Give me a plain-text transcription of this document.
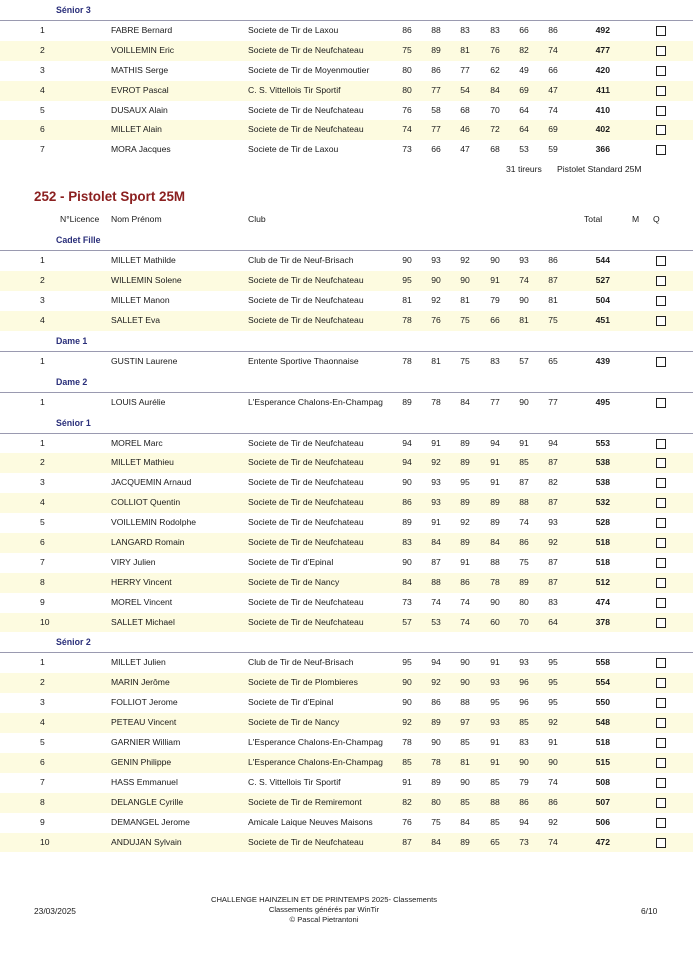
Sénior 3
1	FABRE Bernard	Societe de Tir de Laxou	86	88	83	83	66	86	492
2	VOILLEMIN Eric	Societe de Tir de Neufchateau	75	89	81	76	82	74	477
3	MATHIS Serge	Societe de Tir de Moyenmoutier	80	86	77	62	49	66	420
4	EVROT Pascal	C. S. Vittellois Tir Sportif	80	77	54	84	69	47	411
5	DUSAUX Alain	Societe de Tir de Neufchateau	76	58	68	70	64	74	410
6	MILLET Alain	Societe de Tir de Neufchateau	74	77	46	72	64	69	402
7	MORA Jacques	Societe de Tir de Laxou	73	66	47	68	53	59	366
31 tireurs Pistolet Standard 25M
252 - Pistolet Sport 25M
N°Licence Nom Prénom	Club	Total	M Q
Cadet Fille
1	MILLET Mathilde	Club de Tir de Neuf-Brisach	90	93	92	90	93	86	544
2	WILLEMIN Solene	Societe de Tir de Neufchateau	95	90	90	91	74	87	527
3	MILLET Manon	Societe de Tir de Neufchateau	81	92	81	79	90	81	504
4	SALLET Eva	Societe de Tir de Neufchateau	78	76	75	66	81	75	451
Dame 1
1	GUSTIN Laurene	Entente Sportive Thaonnaise	78	81	75	83	57	65	439
Dame 2
1	LOUIS Aurélie	L'Esperance Chalons-En-Champag	89	78	84	77	90	77	495
Sénior 1
1	MOREL Marc	Societe de Tir de Neufchateau	94	91	89	94	91	94	553
2	MILLET Mathieu	Societe de Tir de Neufchateau	94	92	89	91	85	87	538
3	JACQUEMIN Arnaud	Societe de Tir de Neufchateau	90	93	95	91	87	82	538
4	COLLIOT Quentin	Societe de Tir de Neufchateau	86	93	89	89	88	87	532
5	VOILLEMIN Rodolphe	Societe de Tir de Neufchateau	89	91	92	89	74	93	528
6	LANGARD Romain	Societe de Tir de Neufchateau	83	84	89	84	86	92	518
7	VIRY Julien	Societe de Tir d'Epinal	90	87	91	88	75	87	518
8	HERRY Vincent	Societe de Tir de Nancy	84	88	86	78	89	87	512
9	MOREL Vincent	Societe de Tir de Neufchateau	73	74	74	90	80	83	474
10	SALLET Michael	Societe de Tir de Neufchateau	57	53	74	60	70	64	378
Sénior 2
1	MILLET Julien	Club de Tir de Neuf-Brisach	95	94	90	91	93	95	558
2	MARIN Jerôme	Societe de Tir de Plombieres	90	92	90	93	96	95	554
3	FOLLIOT Jerome	Societe de Tir d'Epinal	90	86	88	95	96	95	550
4	PETEAU Vincent	Societe de Tir de Nancy	92	89	97	93	85	92	548
5	GARNIER William	L'Esperance Chalons-En-Champag	78	90	85	91	83	91	518
6	GENIN Philippe	L'Esperance Chalons-En-Champag	85	78	81	91	90	90	515
7	HASS Emmanuel	C. S. Vittellois Tir Sportif	91	89	90	85	79	74	508
8	DELANGLE Cyrille	Societe de Tir de Remiremont	82	80	85	88	86	86	507
9	DEMANGEL Jerome	Amicale Laique Neuves Maisons	76	75	84	85	94	92	506
10	ANDUJAN Sylvain	Societe de Tir de Neufchateau	87	84	89	65	73	74	472
23/03/2025
CHALLENGE HAINZELIN ET DE PRINTEMPS 2025- Classements
Classements générés par WinTir
© Pascal Pietrantoni
6/10
